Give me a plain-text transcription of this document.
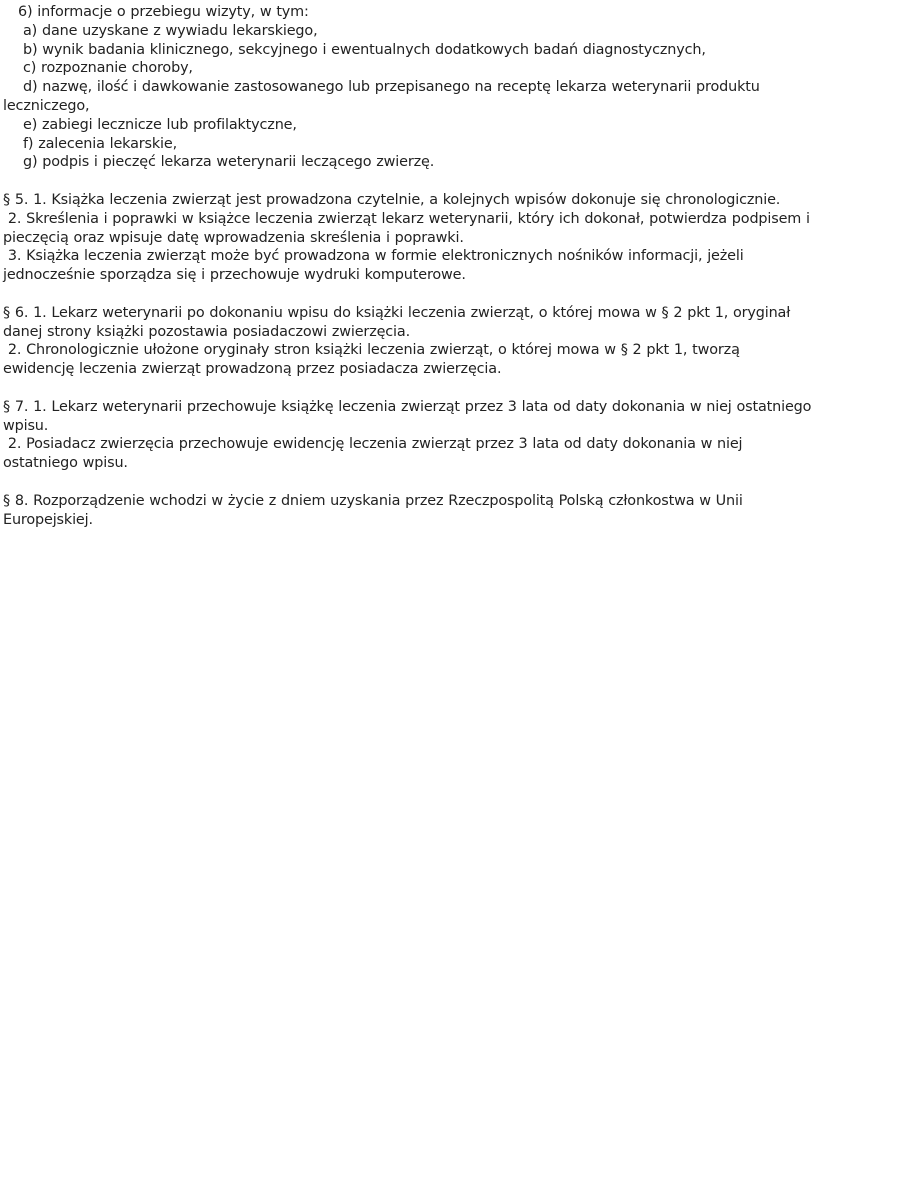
6) informacje o przebiegu wizyty, w tym:
a) dane uzyskane z wywiadu lekarskiego,
b) wynik badania klinicznego, sekcyjnego i ewentualnych dodatkowych badań diagnostycznych,
c) rozpoznanie choroby,
d) nazwę, ilość i dawkowanie zastosowanego lub przepisanego na receptę lekarza weterynarii produktu
leczniczego,
e) zabiegi lecznicze lub profilaktyczne,
f) zalecenia lekarskie,
g) podpis i pieczęć lekarza weterynarii leczącego zwierzę.
§ 5. 1. Książka leczenia zwierząt jest prowadzona czytelnie, a kolejnych wpisów dokonuje się chronologicznie.
2. Skreślenia i poprawki w książce leczenia zwierząt lekarz weterynarii, który ich dokonał, potwierdza podpisem i
pieczęcią oraz wpisuje datę wprowadzenia skreślenia i poprawki.
3. Książka leczenia zwierząt może być prowadzona w formie elektronicznych nośników informacji, jeżeli
jednocześnie sporządza się i przechowuje wydruki komputerowe.
§ 6. 1. Lekarz weterynarii po dokonaniu wpisu do książki leczenia zwierząt, o której mowa w § 2 pkt 1, oryginał
danej strony książki pozostawia posiadaczowi zwierzęcia.
2. Chronologicznie ułożone oryginały stron książki leczenia zwierząt, o której mowa w § 2 pkt 1, tworzą
ewidencję leczenia zwierząt prowadzoną przez posiadacza zwierzęcia.
§ 7. 1. Lekarz weterynarii przechowuje książkę leczenia zwierząt przez 3 lata od daty dokonania w niej ostatniego
wpisu.
2. Posiadacz zwierzęcia przechowuje ewidencję leczenia zwierząt przez 3 lata od daty dokonania w niej
ostatniego wpisu.
§ 8. Rozporządzenie wchodzi w życie z dniem uzyskania przez Rzeczpospolitą Polską członkostwa w Unii
Europejskiej.
